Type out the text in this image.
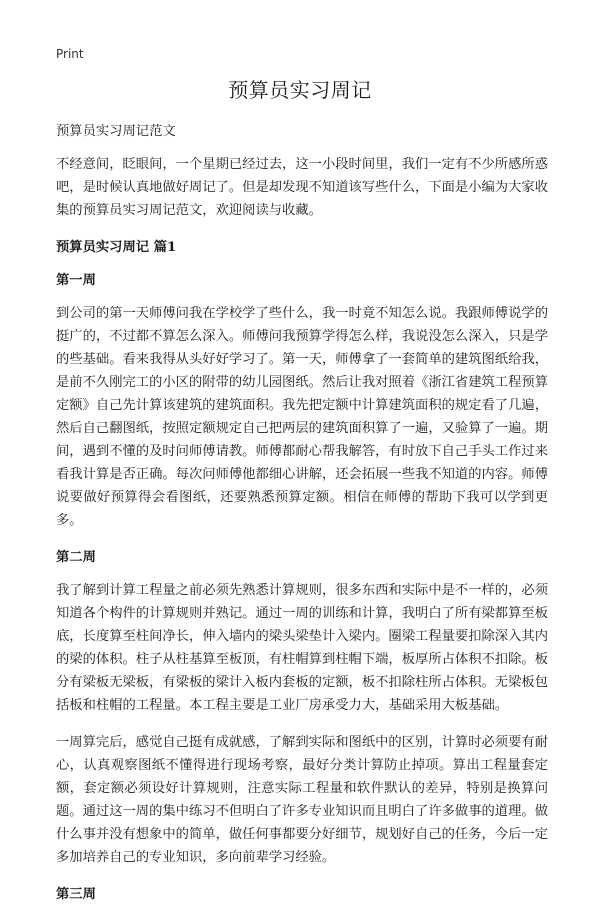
Print
预算员实习周记
预算员实习周记范文

不经意间，眨眼间，一个星期已经过去，这一小段时间里，我们一定有不少所感所惑吧，是时候认真地做好周记了。但是却发现不知道该写些什么，下面是小编为大家收集的预算员实习周记范文，欢迎阅读与收藏。

预算员实习周记 篇1
第一周

到公司的第一天师傅问我在学校学了些什么，我一时竟不知怎么说。我跟师傅说学的挺广的，不过都不算怎么深入。师傅问我预算学得怎么样，我说没怎么深入，只是学的些基础。看来我得从头好好学习了。第一天，师傅拿了一套简单的建筑图纸给我，是前不久刚完工的小区的附带的幼儿园图纸。然后让我对照着《浙江省建筑工程预算定额》自己先计算该建筑的建筑面积。我先把定额中计算建筑面积的规定看了几遍，然后自己翻图纸，按照定额规定自己把两层的建筑面积算了一遍，又验算了一遍。期间，遇到不懂的及时问师傅请教。师傅都耐心帮我解答，有时放下自己手头工作过来看我计算是否正确。每次问师傅他都细心讲解，还会拓展一些我不知道的内容。师傅说要做好预算得会看图纸，还要熟悉预算定额。相信在师傅的帮助下我可以学到更多。

第二周

我了解到计算工程量之前必须先熟悉计算规则，很多东西和实际中是不一样的，必须知道各个构件的计算规则并熟记。通过一周的训练和计算，我明白了所有梁都算至板底，长度算至柱间净长，伸入墙内的梁头梁垫计入梁内。圈梁工程量要扣除深入其内的梁的体积。柱子从柱基算至板顶，有柱帽算到柱帽下端，板厚所占体积不扣除。板分有梁板无梁板，有梁板的梁计入板内套板的定额，板不扣除柱所占体积。无梁板包括板和柱帽的工程量。本工程主要是工业厂房承受力大，基础采用大板基础。

一周算完后，感觉自己挺有成就感，了解到实际和图纸中的区别，计算时必须要有耐心，认真观察图纸不懂得进行现场考察，最好分类计算防止掉项。算出工程量套定额，套定额必须设好计算规则，注意实际工程量和软件默认的差异，特别是换算问题。通过这一周的集中练习不但明白了许多专业知识而且明白了许多做事的道理。做什么事并没有想象中的简单，做任何事都要分好细节，规划好自己的任务，今后一定多加培养自己的专业知识，多向前辈学习经验。

第三周
